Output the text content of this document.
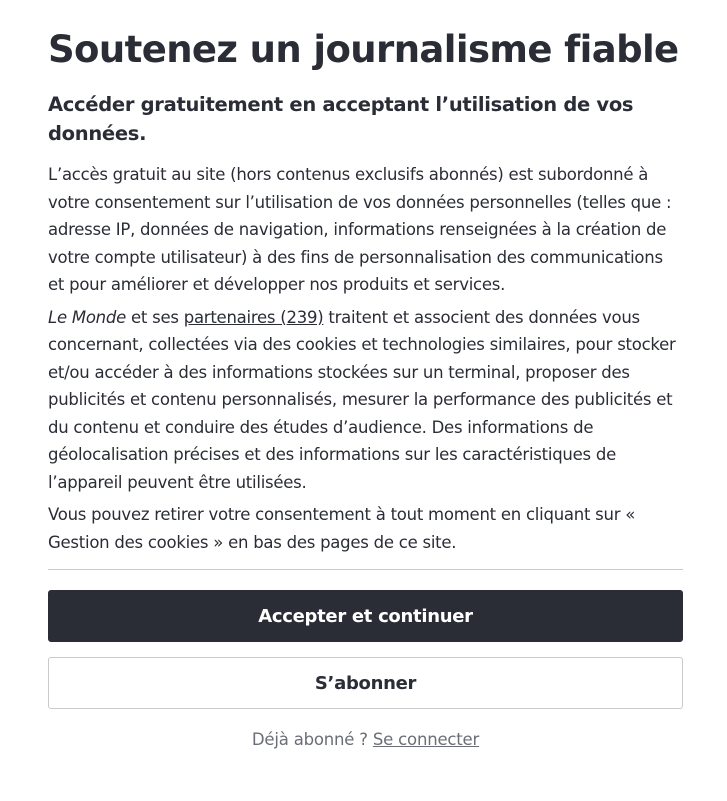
Soutenez un journalisme fiable
Accéder gratuitement en acceptant l’utilisation de vos données.

L’accès gratuit au site (hors contenus exclusifs abonnés) est subordonné à votre consentement sur l’utilisation de vos données personnelles (telles que : adresse IP, données de navigation, informations renseignées à la création de votre compte utilisateur) à des fins de personnalisation des communications et pour améliorer et développer nos produits et services.

Le Monde et ses partenaires (239) traitent et associent des données vous concernant, collectées via des cookies et technologies similaires, pour stocker et/ou accéder à des informations stockées sur un terminal, proposer des publicités et contenu personnalisés, mesurer la performance des publicités et du contenu et conduire des études d’audience. Des informations de géolocalisation précises et des informations sur les caractéristiques de l’appareil peuvent être utilisées.

Vous pouvez retirer votre consentement à tout moment en cliquant sur « Gestion des cookies » en bas des pages de ce site.

Accepter et continuer
S’abonner
Déjà abonné ? Se connecter
